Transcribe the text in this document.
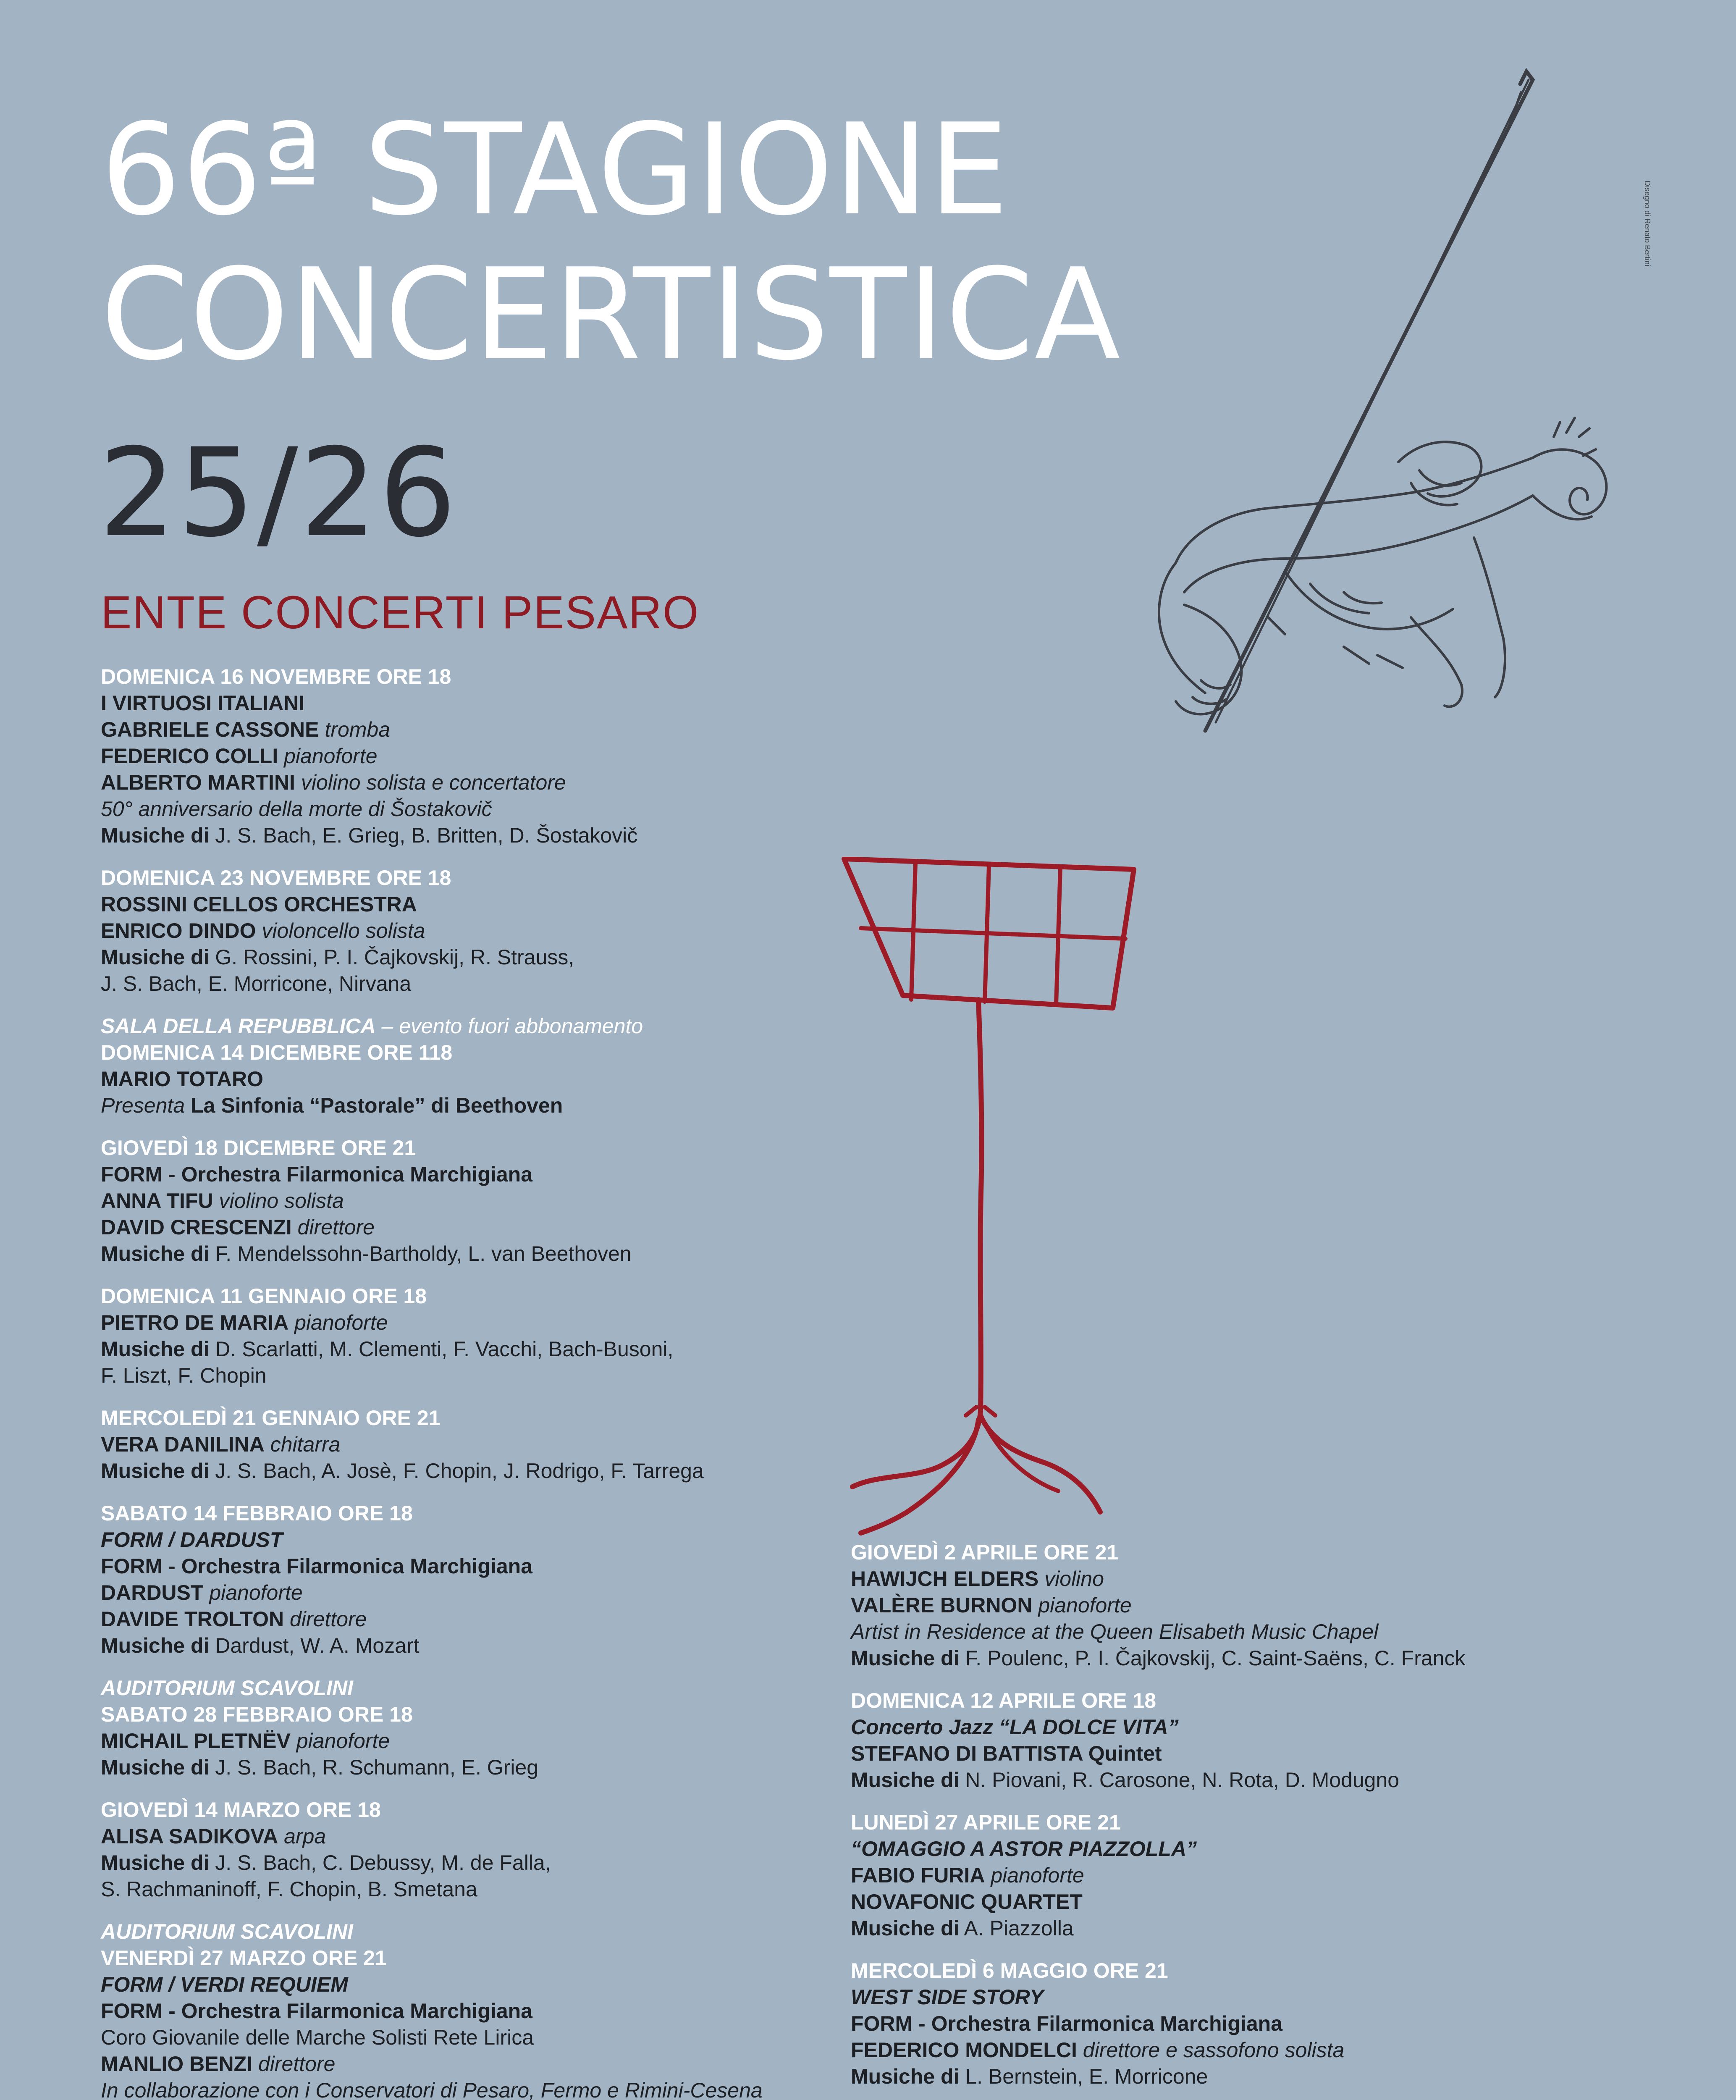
66ª STAGIONE
CONCERTISTICA
25/26
ENTE CONCERTI PESARO
Disegno di Renato Bertini
DOMENICA 16 NOVEMBRE ORE 18
I VIRTUOSI ITALIANI
GABRIELE CASSONE tromba
FEDERICO COLLI pianoforte
ALBERTO MARTINI violino solista e concertatore
50° anniversario della morte di Šostakovič
Musiche di J. S. Bach, E. Grieg, B. Britten, D. Šostakovič
DOMENICA 23 NOVEMBRE ORE 18
ROSSINI CELLOS ORCHESTRA
ENRICO DINDO violoncello solista
Musiche di G. Rossini, P. I. Čajkovskij, R. Strauss,
J. S. Bach, E. Morricone, Nirvana
SALA DELLA REPUBBLICA – evento fuori abbonamento
DOMENICA 14 DICEMBRE ORE 118
MARIO TOTARO
Presenta La Sinfonia “Pastorale” di Beethoven
GIOVEDÌ 18 DICEMBRE ORE 21
FORM - Orchestra Filarmonica Marchigiana
ANNA TIFU violino solista
DAVID CRESCENZI direttore
Musiche di F. Mendelssohn-Bartholdy, L. van Beethoven
DOMENICA 11 GENNAIO ORE 18
PIETRO DE MARIA pianoforte
Musiche di D. Scarlatti, M. Clementi, F. Vacchi, Bach-Busoni,
F. Liszt, F. Chopin
MERCOLEDÌ 21 GENNAIO ORE 21
VERA DANILINA chitarra
Musiche di J. S. Bach, A. Josè, F. Chopin, J. Rodrigo, F. Tarrega
SABATO 14 FEBBRAIO ORE 18
FORM / DARDUST
FORM - Orchestra Filarmonica Marchigiana
DARDUST pianoforte
DAVIDE TROLTON direttore
Musiche di Dardust, W. A. Mozart
AUDITORIUM SCAVOLINI
SABATO 28 FEBBRAIO ORE 18
MICHAIL PLETNËV pianoforte
Musiche di J. S. Bach, R. Schumann, E. Grieg
GIOVEDÌ 14 MARZO ORE 18
ALISA SADIKOVA arpa
Musiche di J. S. Bach, C. Debussy, M. de Falla,
S. Rachmaninoff, F. Chopin, B. Smetana
AUDITORIUM SCAVOLINI
VENERDÌ 27 MARZO ORE 21
FORM / VERDI REQUIEM
FORM - Orchestra Filarmonica Marchigiana
Coro Giovanile delle Marche Solisti Rete Lirica
MANLIO BENZI direttore
In collaborazione con i Conservatori di Pesaro, Fermo e Rimini-Cesena
GIOVEDÌ 2 APRILE ORE 21
HAWIJCH ELDERS violino
VALÈRE BURNON pianoforte
Artist in Residence at the Queen Elisabeth Music Chapel
Musiche di F. Poulenc, P. I. Čajkovskij, C. Saint-Saëns, C. Franck
DOMENICA 12 APRILE ORE 18
Concerto Jazz “LA DOLCE VITA”
STEFANO DI BATTISTA Quintet
Musiche di N. Piovani, R. Carosone, N. Rota, D. Modugno
LUNEDÌ 27 APRILE ORE 21
“OMAGGIO A ASTOR PIAZZOLLA”
FABIO FURIA pianoforte
NOVAFONIC QUARTET
Musiche di A. Piazzolla
MERCOLEDÌ 6 MAGGIO ORE 21
WEST SIDE STORY
FORM - Orchestra Filarmonica Marchigiana
FEDERICO MONDELCI direttore e sassofono solista
Musiche di L. Bernstein, E. Morricone
